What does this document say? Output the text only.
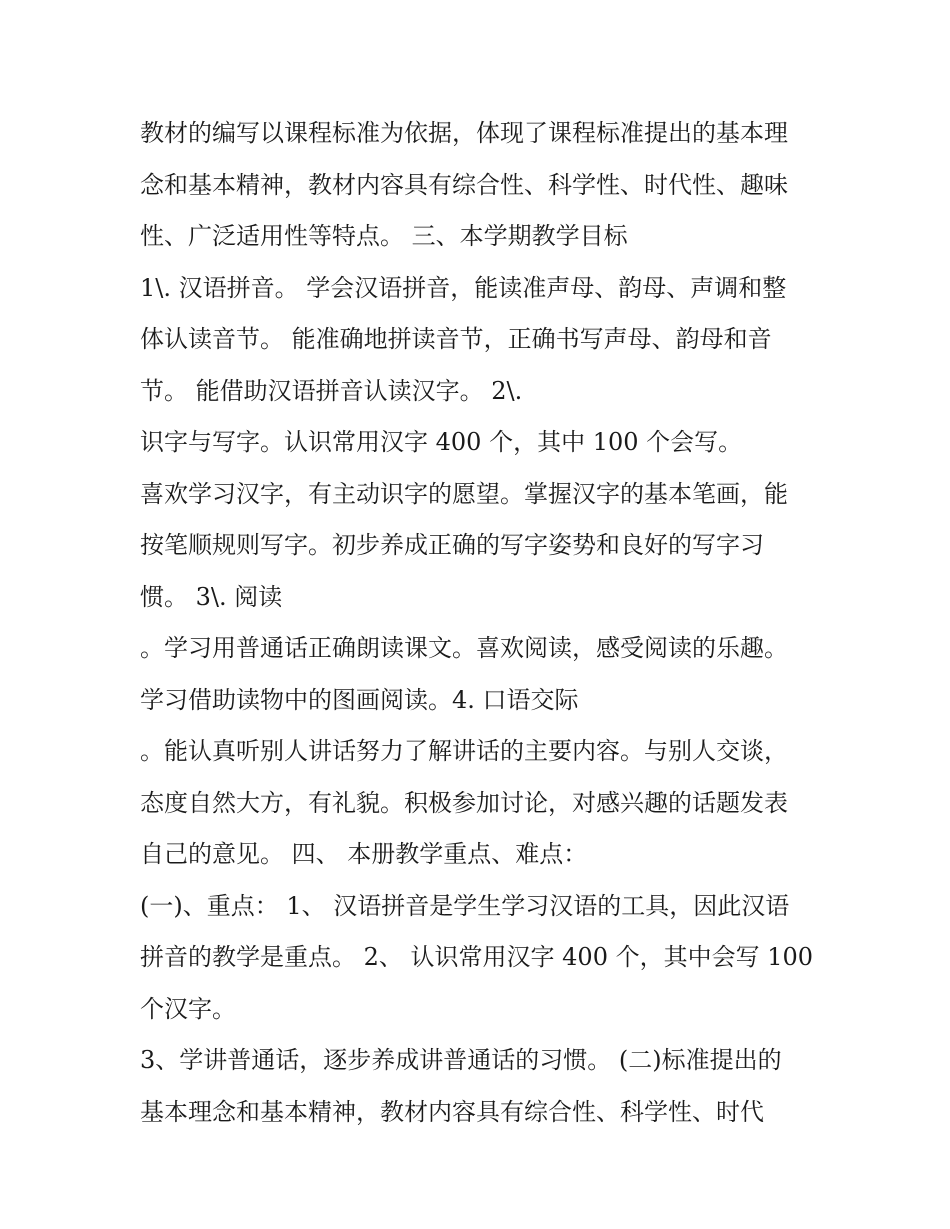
教材的编写以课程标准为依据，体现了课程标准提出的基本理
念和基本精神，教材内容具有综合性、科学性、时代性、趣味
性、广泛适用性等特点。 三、本学期教学目标
1\. 汉语拼音。 学会汉语拼音，能读准声母、韵母、声调和整
体认读音节。 能准确地拼读音节，正确书写声母、韵母和音
节。 能借助汉语拼音认读汉字。 2\.
识字与写字。认识常用汉字 400 个，其中 100 个会写。
喜欢学习汉字，有主动识字的愿望。掌握汉字的基本笔画，能
按笔顺规则写字。初步养成正确的写字姿势和良好的写字习
惯。 3\. 阅读
。学习用普通话正确朗读课文。喜欢阅读，感受阅读的乐趣。
学习借助读物中的图画阅读。4. 口语交际
。能认真听别人讲话努力了解讲话的主要内容。与别人交谈，
态度自然大方，有礼貌。积极参加讨论，对感兴趣的话题发表
自己的意见。 四、 本册教学重点、难点：
(一)、重点： 1、 汉语拼音是学生学习汉语的工具，因此汉语
拼音的教学是重点。 2、 认识常用汉字 400 个，其中会写 100
个汉字。
3、学讲普通话，逐步养成讲普通话的习惯。 (二)标准提出的
基本理念和基本精神，教材内容具有综合性、科学性、时代
